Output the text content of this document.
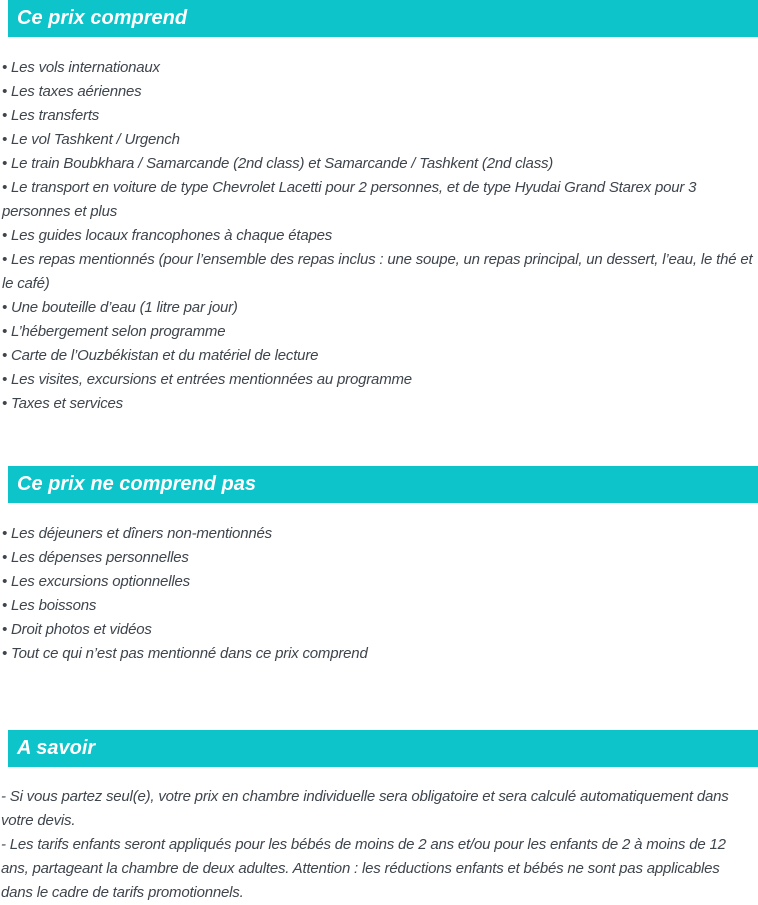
Ce prix comprend
• Les vols internationaux
• Les taxes aériennes
• Les transferts
• Le vol Tashkent / Urgench
• Le train Boubkhara / Samarcande (2nd class) et Samarcande / Tashkent (2nd class)
• Le transport en voiture de type Chevrolet Lacetti pour 2 personnes, et de type Hyudai Grand Starex pour 3 personnes et plus
• Les guides locaux francophones à chaque étapes
• Les repas mentionnés (pour l’ensemble des repas inclus : une soupe, un repas principal, un dessert, l’eau, le thé et le café)
• Une bouteille d’eau (1 litre par jour)
• L’hébergement selon programme
• Carte de l’Ouzbékistan et du matériel de lecture
• Les visites, excursions et entrées mentionnées au programme
• Taxes et services
Ce prix ne comprend pas
• Les déjeuners et dîners non-mentionnés
• Les dépenses personnelles
• Les excursions optionnelles
• Les boissons
• Droit photos et vidéos
• Tout ce qui n’est pas mentionné dans ce prix comprend
A savoir

- Si vous partez seul(e), votre prix en chambre individuelle sera obligatoire et sera calculé automatiquement dans votre devis.

- Les tarifs enfants seront appliqués pour les bébés de moins de 2 ans et/ou pour les enfants de 2 à moins de 12 ans, partageant la chambre de deux adultes. Attention : les réductions enfants et bébés ne sont pas applicables dans le cadre de tarifs promotionnels.
